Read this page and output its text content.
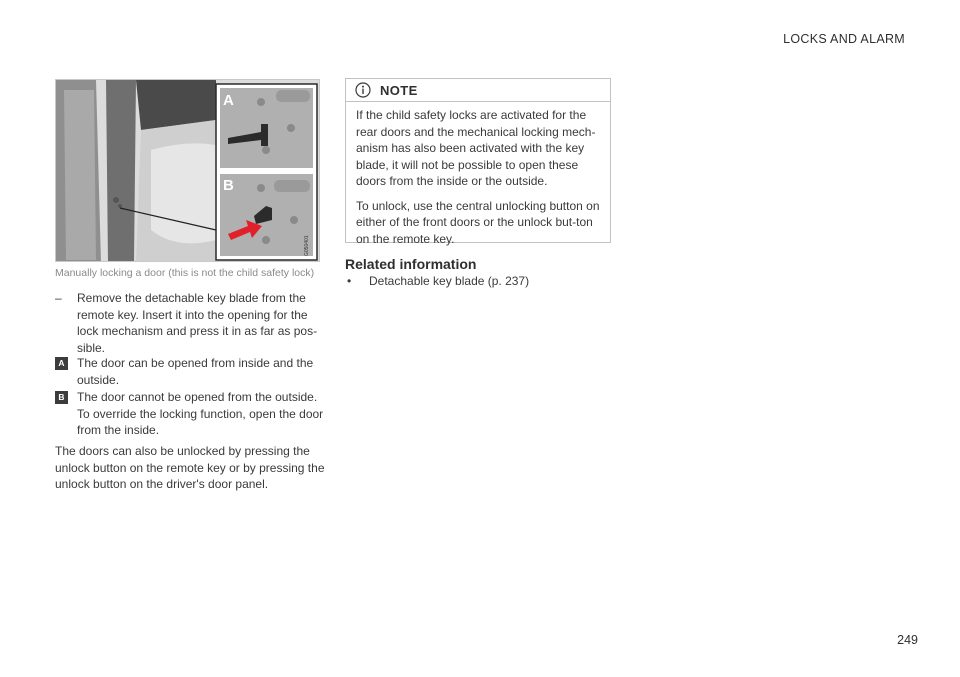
LOCKS AND ALARM
A
B
G050401
Manually locking a door (this is not the child safety lock)
–	Remove the detachable key blade from the remote key. Insert it into the opening for the lock mechanism and press it in as far as pos-sible.
A The door can be opened from inside and the outside.
B The door cannot be opened from the outside. To override the locking function, open the door from the inside.
The doors can also be unlocked by pressing the unlock button on the remote key or by pressing the unlock button on the driver's door panel.
NOTE

If the child safety locks are activated for the rear doors and the mechanical locking mech-anism has also been activated with the key blade, it will not be possible to open these doors from the inside or the outside.

To unlock, use the central unlocking button on either of the front doors or the unlock but-ton on the remote key.

Related information
• Detachable key blade (p. 237)
249
